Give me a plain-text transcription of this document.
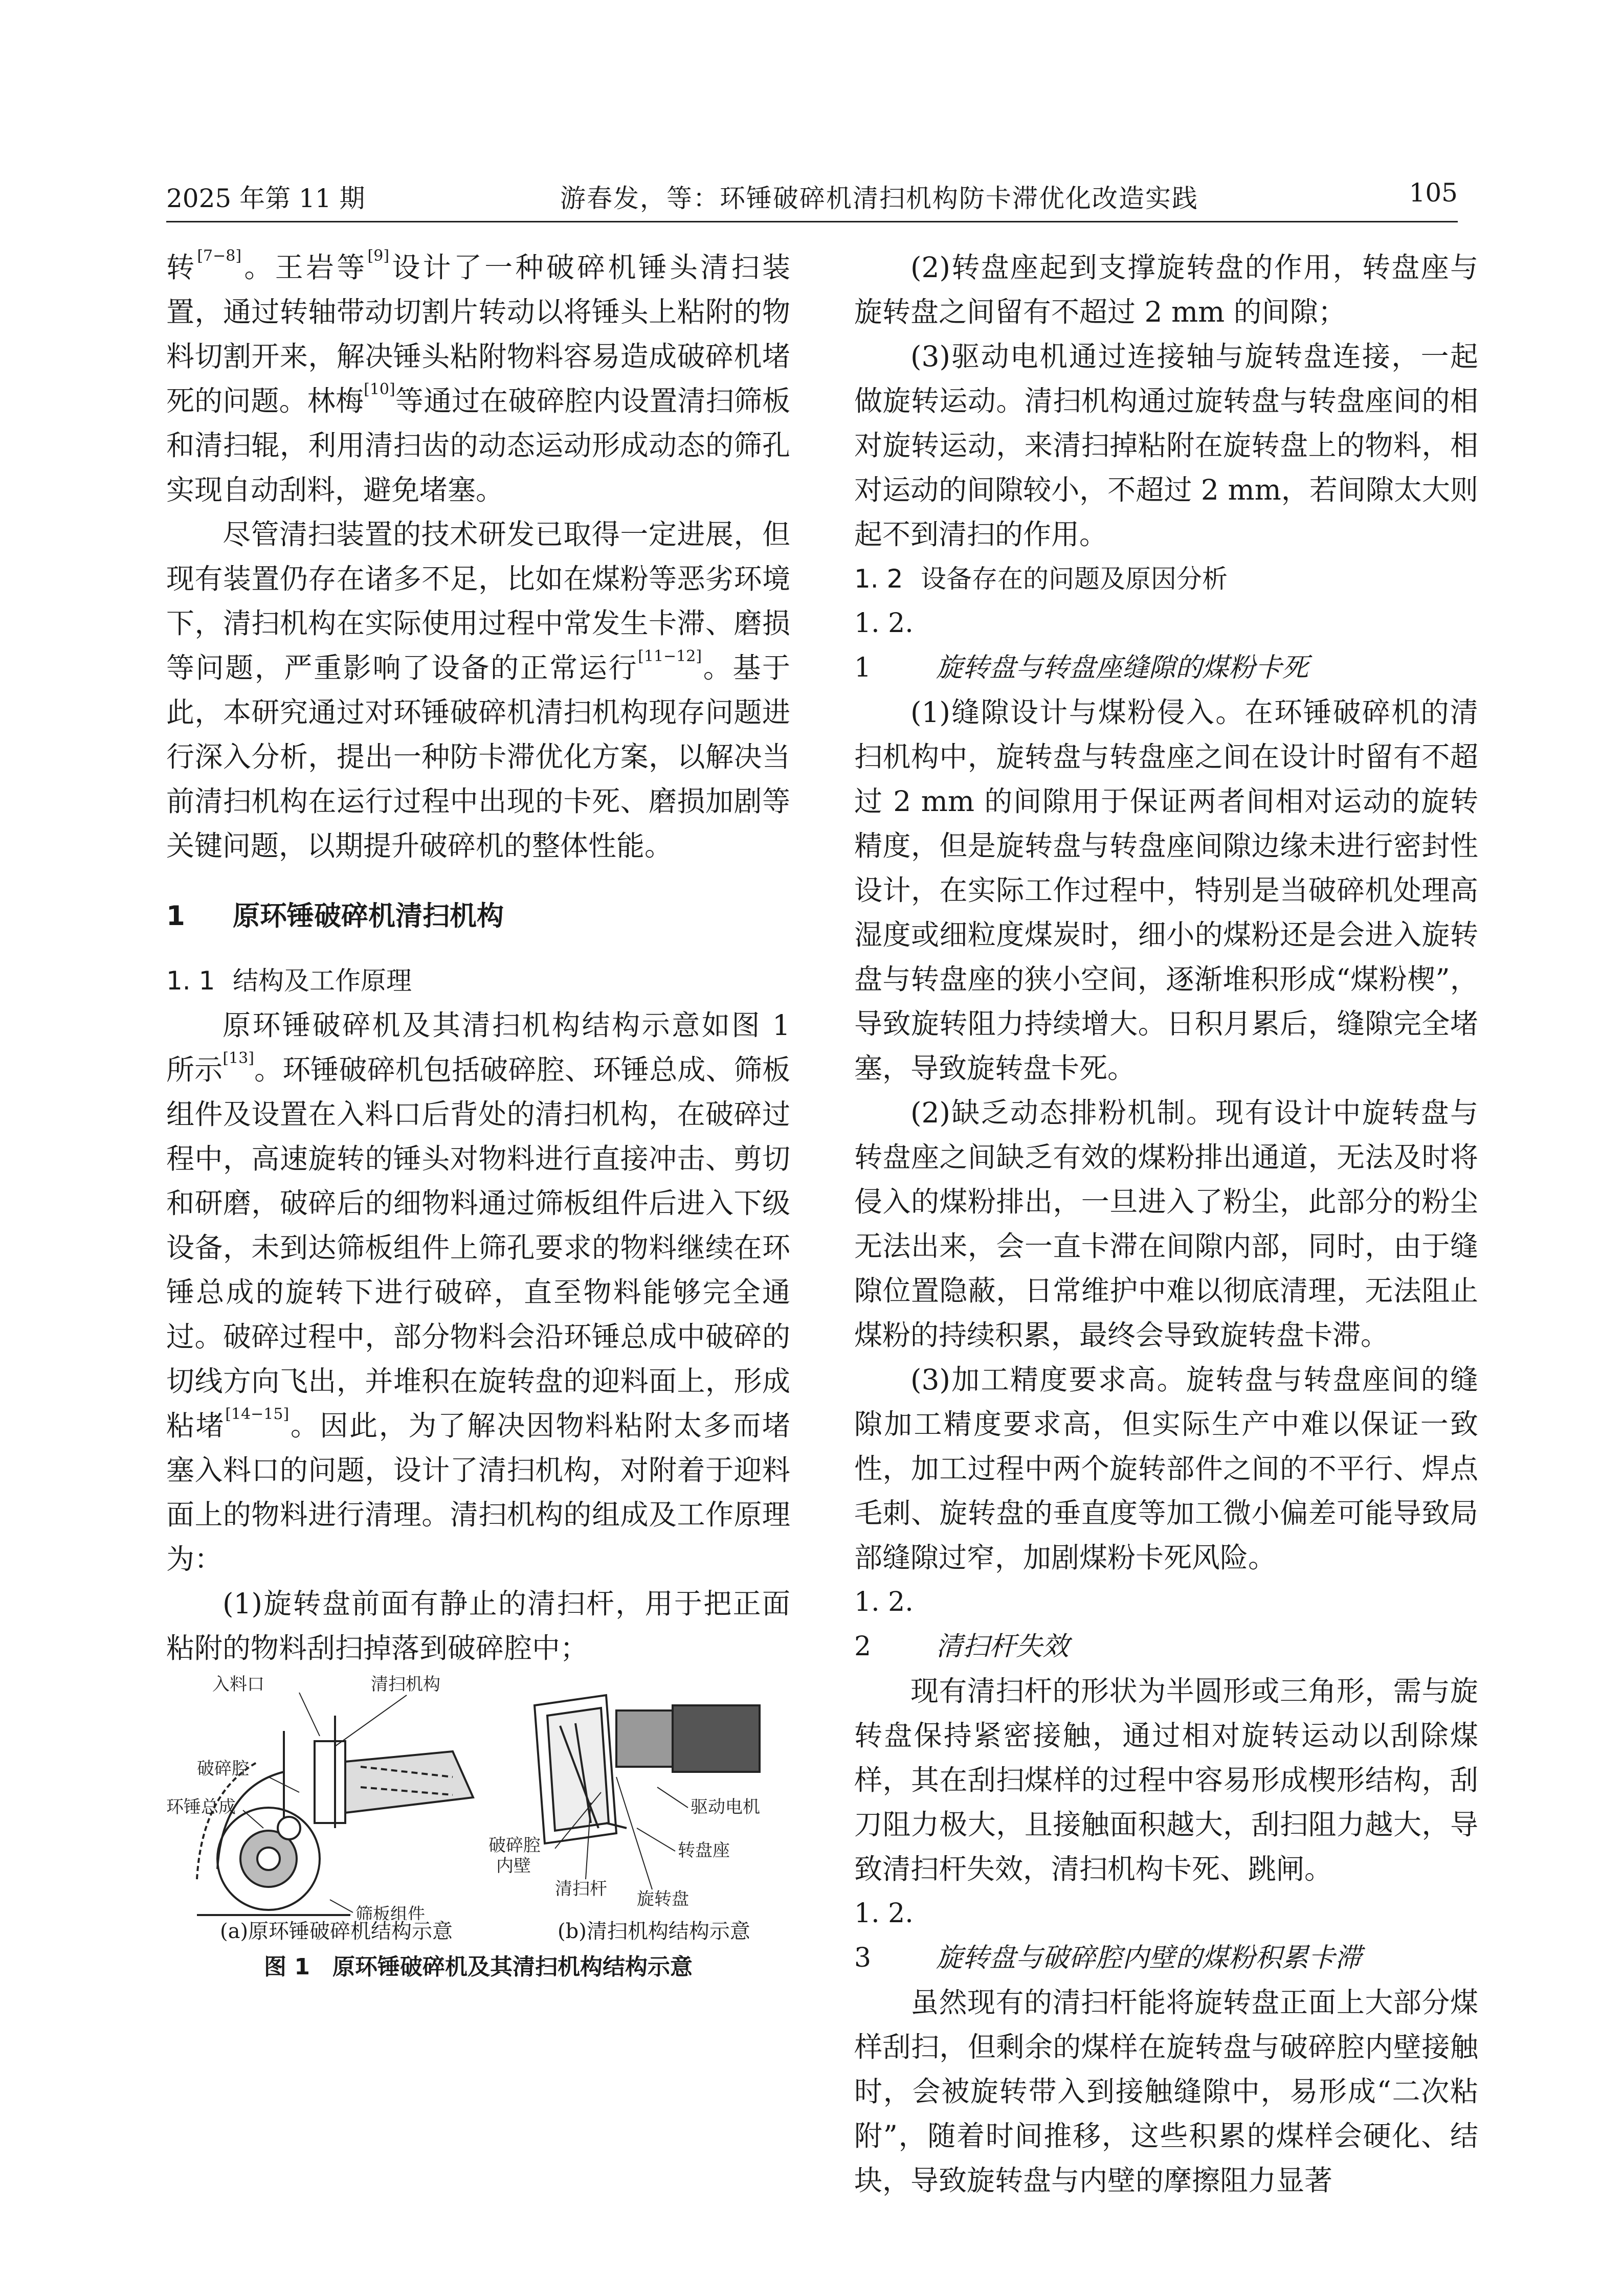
2025 年第 11 期	游春发，等：环锤破碎机清扫机构防卡滞优化改造实践	105

转[7−8]。王岩等[9]设计了一种破碎机锤头清扫装置，通过转轴带动切割片转动以将锤头上粘附的物料切割开来，解决锤头粘附物料容易造成破碎机堵死的问题。林梅[10]等通过在破碎腔内设置清扫筛板和清扫辊，利用清扫齿的动态运动形成动态的筛孔实现自动刮料，避免堵塞。

尽管清扫装置的技术研发已取得一定进展，但现有装置仍存在诸多不足，比如在煤粉等恶劣环境下，清扫机构在实际使用过程中常发生卡滞、磨损等问题，严重影响了设备的正常运行[11−12]。基于此，本研究通过对环锤破碎机清扫机构现存问题进行深入分析，提出一种防卡滞优化方案，以解决当前清扫机构在运行过程中出现的卡死、磨损加剧等关键问题，以期提升破碎机的整体性能。

1 原环锤破碎机清扫机构
1. 1 结构及工作原理

原环锤破碎机及其清扫机构结构示意如图 1 所示[13]。环锤破碎机包括破碎腔、环锤总成、筛板组件及设置在入料口后背处的清扫机构，在破碎过程中，高速旋转的锤头对物料进行直接冲击、剪切和研磨，破碎后的细物料通过筛板组件后进入下级设备，未到达筛板组件上筛孔要求的物料继续在环锤总成的旋转下进行破碎，直至物料能够完全通过。破碎过程中，部分物料会沿环锤总成中破碎的切线方向飞出，并堆积在旋转盘的迎料面上，形成粘堵[14−15]。因此，为了解决因物料粘附太多而堵塞入料口的问题，设计了清扫机构，对附着于迎料面上的物料进行清理。清扫机构的组成及工作原理为：

(1)旋转盘前面有静止的清扫杆，用于把正面粘附的物料刮扫掉落到破碎腔中；

入料口	清扫机构
破碎腔
环锤总成
筛板组件
驱动电机
破碎腔
内壁
转盘座
清扫杆 旋转盘
(a)原环锤破碎机结构示意	(b)清扫机构结构示意
图 1　原环锤破碎机及其清扫机构结构示意

(2)转盘座起到支撑旋转盘的作用，转盘座与旋转盘之间留有不超过 2 mm 的间隙；

(3)驱动电机通过连接轴与旋转盘连接，一起做旋转运动。清扫机构通过旋转盘与转盘座间的相对旋转运动，来清扫掉粘附在旋转盘上的物料，相对运动的间隙较小，不超过 2 mm，若间隙太大则起不到清扫的作用。

1. 2 设备存在的问题及原因分析
1. 2. 1 旋转盘与转盘座缝隙的煤粉卡死

(1)缝隙设计与煤粉侵入。在环锤破碎机的清扫机构中，旋转盘与转盘座之间在设计时留有不超过 2 mm 的间隙用于保证两者间相对运动的旋转精度，但是旋转盘与转盘座间隙边缘未进行密封性设计，在实际工作过程中，特别是当破碎机处理高湿度或细粒度煤炭时，细小的煤粉还是会进入旋转盘与转盘座的狭小空间，逐渐堆积形成“煤粉楔”，导致旋转阻力持续增大。日积月累后，缝隙完全堵塞，导致旋转盘卡死。

(2)缺乏动态排粉机制。现有设计中旋转盘与转盘座之间缺乏有效的煤粉排出通道，无法及时将侵入的煤粉排出，一旦进入了粉尘，此部分的粉尘无法出来，会一直卡滞在间隙内部，同时，由于缝隙位置隐蔽，日常维护中难以彻底清理，无法阻止煤粉的持续积累，最终会导致旋转盘卡滞。

(3)加工精度要求高。旋转盘与转盘座间的缝隙加工精度要求高，但实际生产中难以保证一致性，加工过程中两个旋转部件之间的不平行、焊点毛刺、旋转盘的垂直度等加工微小偏差可能导致局部缝隙过窄，加剧煤粉卡死风险。

1. 2. 2 清扫杆失效

现有清扫杆的形状为半圆形或三角形，需与旋转盘保持紧密接触，通过相对旋转运动以刮除煤样，其在刮扫煤样的过程中容易形成楔形结构，刮刀阻力极大，且接触面积越大，刮扫阻力越大，导致清扫杆失效，清扫机构卡死、跳闸。

1. 2. 3 旋转盘与破碎腔内壁的煤粉积累卡滞

虽然现有的清扫杆能将旋转盘正面上大部分煤样刮扫，但剩余的煤样在旋转盘与破碎腔内壁接触时，会被旋转带入到接触缝隙中，易形成“二次粘附”，随着时间推移，这些积累的煤样会硬化、结块，导致旋转盘与内壁的摩擦阻力显著
